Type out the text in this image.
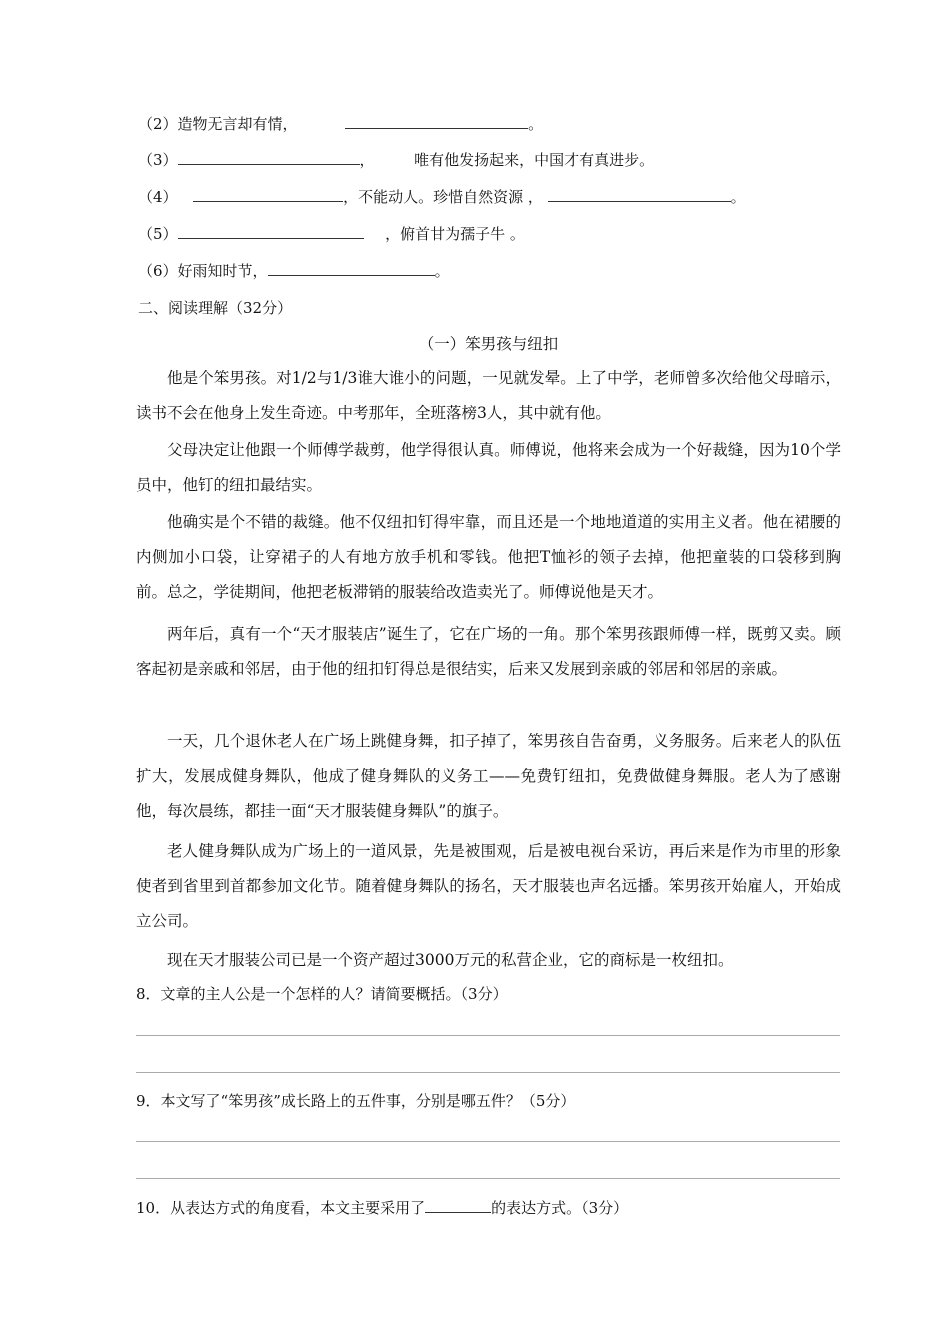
（2）造物无言却有情，	。
（3）	，	唯有他发扬起来，中国才有真进步。
（4）	，不能动人。珍惜自然资源 ，	。
（5）	，俯首甘为孺子牛 。
（6）好雨知时节，	。
二、阅读理解（32分）
（一）笨男孩与纽扣
他是个笨男孩。对1/2与1/3谁大谁小的问题，一见就发晕。上了中学，老师曾多次给他父母暗示，读书不会在他身上发生奇迹。中考那年，全班落榜3人，其中就有他。
父母决定让他跟一个师傅学裁剪，他学得很认真。师傅说，他将来会成为一个好裁缝，因为10个学员中，他钉的纽扣最结实。
他确实是个不错的裁缝。他不仅纽扣钉得牢靠，而且还是一个地地道道的实用主义者。他在裙腰的内侧加小口袋，让穿裙子的人有地方放手机和零钱。他把T恤衫的领子去掉，他把童装的口袋移到胸前。总之，学徒期间，他把老板滞销的服装给改造卖光了。师傅说他是天才。
两年后，真有一个“天才服装店”诞生了，它在广场的一角。那个笨男孩跟师傅一样，既剪又卖。顾客起初是亲戚和邻居，由于他的纽扣钉得总是很结实，后来又发展到亲戚的邻居和邻居的亲戚。
一天，几个退休老人在广场上跳健身舞，扣子掉了，笨男孩自告奋勇，义务服务。后来老人的队伍扩大，发展成健身舞队，他成了健身舞队的义务工——免费钉纽扣，免费做健身舞服。老人为了感谢他，每次晨练，都挂一面“天才服装健身舞队”的旗子。
老人健身舞队成为广场上的一道风景，先是被围观，后是被电视台采访，再后来是作为市里的形象使者到省里到首都参加文化节。随着健身舞队的扬名，天才服装也声名远播。笨男孩开始雇人，开始成立公司。
现在天才服装公司已是一个资产超过3000万元的私营企业，它的商标是一枚纽扣。
8．文章的主人公是一个怎样的人？请简要概括。（3分）
9．本文写了“笨男孩”成长路上的五件事，分别是哪五件？（5分）
10．从表达方式的角度看，本文主要采用了	的表达方式。（3分）
